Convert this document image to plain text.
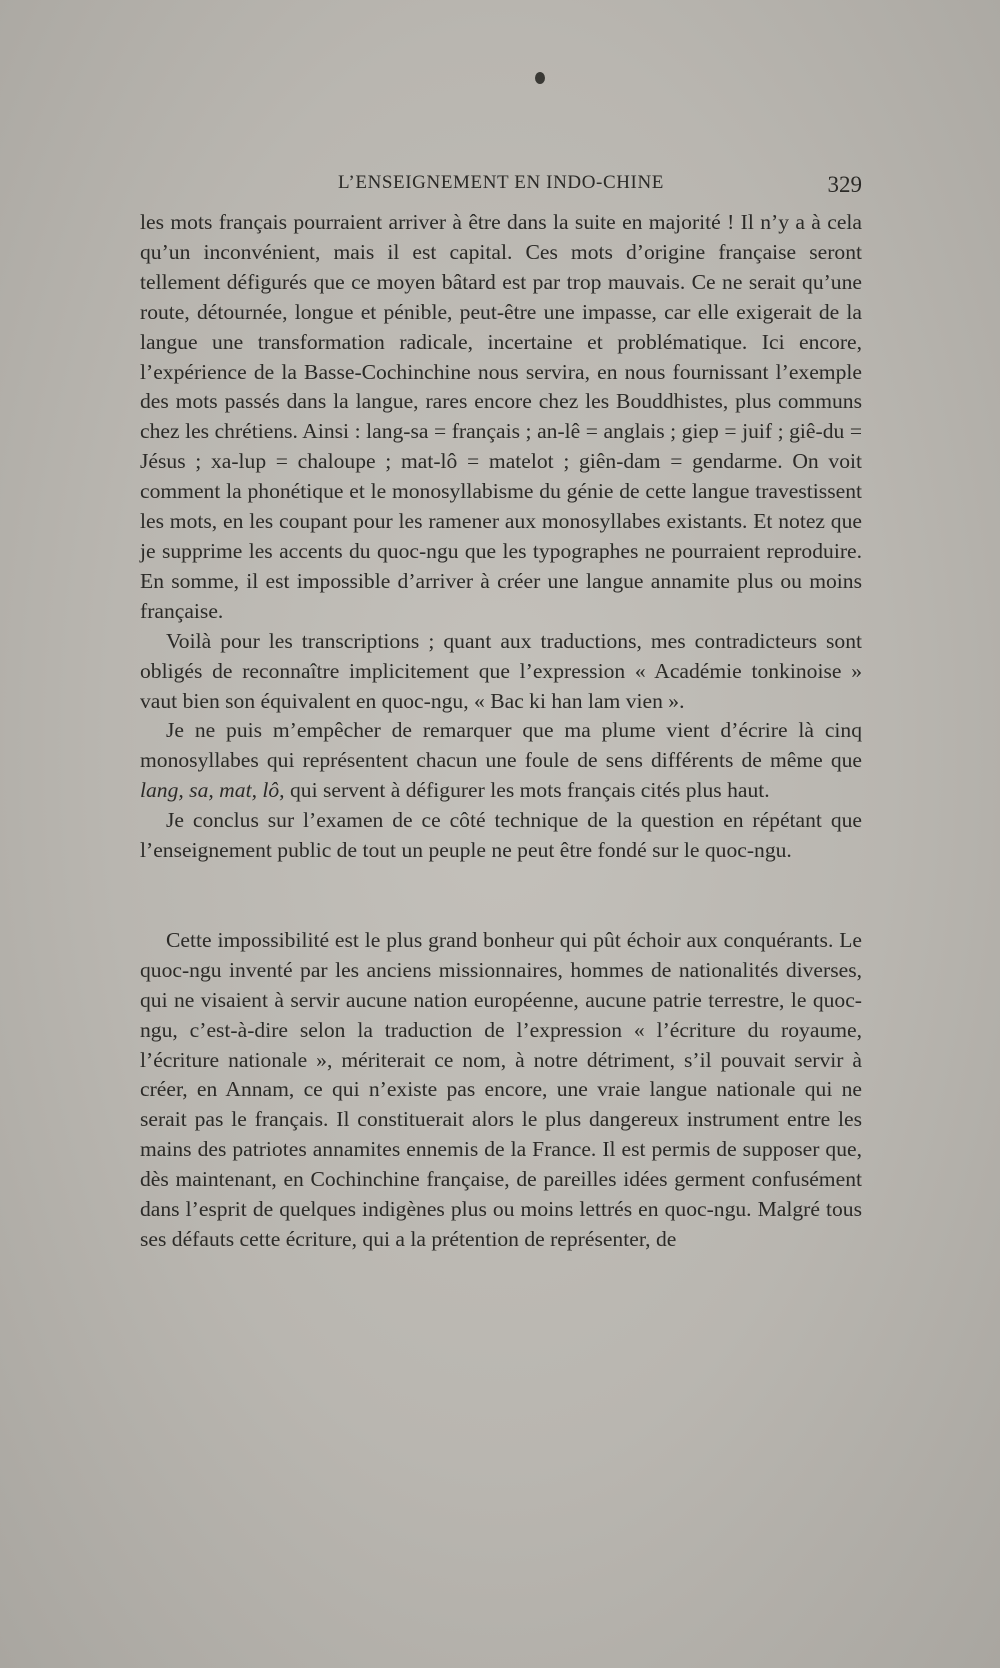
L’ENSEIGNEMENT EN INDO-CHINE	329

les mots français pourraient arriver à être dans la suite en majorité ! Il n’y a à cela qu’un inconvénient, mais il est capital. Ces mots d’origine française seront tellement défigurés que ce moyen bâtard est par trop mauvais. Ce ne serait qu’une route, détournée, longue et pénible, peut-être une impasse, car elle exigerait de la langue une transformation radicale, incertaine et problématique. Ici encore, l’expérience de la Basse-Cochinchine nous servira, en nous fournissant l’exemple des mots passés dans la langue, rares encore chez les Bouddhistes, plus communs chez les chrétiens. Ainsi : lang-sa = français ; an-lê = anglais ; giep = juif ; giê-du = Jésus ; xa-lup = chaloupe ; mat-lô = matelot ; giên-dam = gendarme. On voit comment la phonétique et le monosyllabisme du génie de cette langue travestissent les mots, en les coupant pour les ramener aux monosyllabes existants. Et notez que je supprime les accents du quoc-ngu que les typographes ne pourraient reproduire. En somme, il est impossible d’arriver à créer une langue annamite plus ou moins française.

Voilà pour les transcriptions ; quant aux traductions, mes contradicteurs sont obligés de reconnaître implicitement que l’expression « Académie tonkinoise » vaut bien son équivalent en quoc-ngu, « Bac ki han lam vien ».

Je ne puis m’empêcher de remarquer que ma plume vient d’écrire là cinq monosyllabes qui représentent chacun une foule de sens différents de même que lang, sa, mat, lô, qui servent à défigurer les mots français cités plus haut.

Je conclus sur l’examen de ce côté technique de la question en répétant que l’enseignement public de tout un peuple ne peut être fondé sur le quoc-ngu.

Cette impossibilité est le plus grand bonheur qui pût échoir aux conquérants. Le quoc-ngu inventé par les anciens missionnaires, hommes de nationalités diverses, qui ne visaient à servir aucune nation européenne, aucune patrie terrestre, le quoc-ngu, c’est-à-dire selon la traduction de l’expression « l’écriture du royaume, l’écriture nationale », mériterait ce nom, à notre détriment, s’il pouvait servir à créer, en Annam, ce qui n’existe pas encore, une vraie langue nationale qui ne serait pas le français. Il constituerait alors le plus dangereux instrument entre les mains des patriotes annamites ennemis de la France. Il est permis de supposer que, dès maintenant, en Cochinchine française, de pareilles idées germent confusément dans l’esprit de quelques indigènes plus ou moins lettrés en quoc-ngu. Malgré tous ses défauts cette écriture, qui a la prétention de représenter, de
